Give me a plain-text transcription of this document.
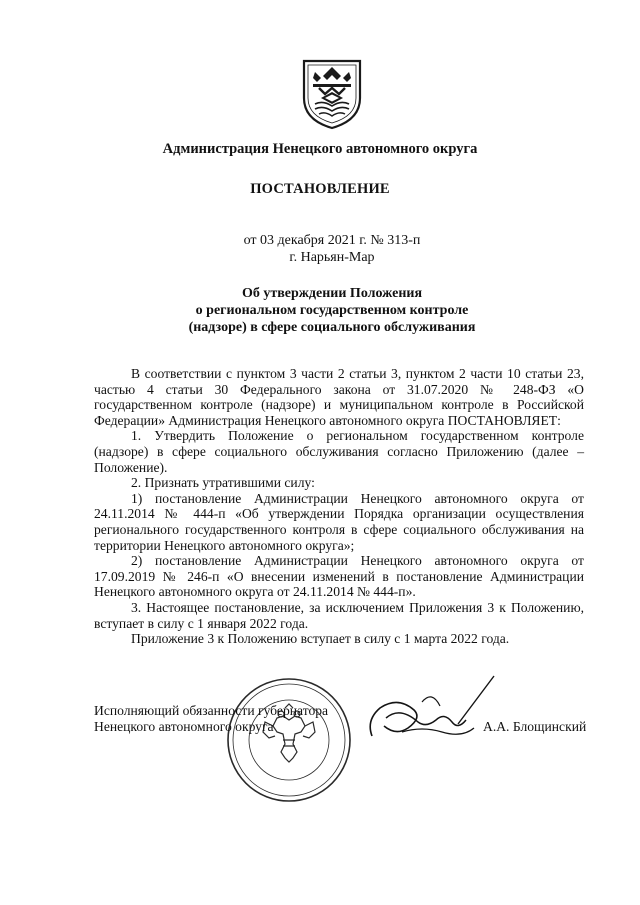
Администрация Ненецкого автономного округа
ПОСТАНОВЛЕНИЕ
от 03 декабря 2021 г. № 313-п
г. Нарьян-Мар
Об утверждении Положения
о региональном государственном контроле
(надзоре) в сфере социального обслуживания

В соответствии с пунктом 3 части 2 статьи 3, пунктом 2 части 10 статьи 23, частью 4 статьи 30 Федерального закона от 31.07.2020 № 248-ФЗ «О государственном контроле (надзоре) и муниципальном контроле в Российской Федерации» Администрация Ненецкого автономного округа ПОСТАНОВЛЯЕТ:

1. Утвердить Положение о региональном государственном контроле (надзоре) в сфере социального обслуживания согласно Приложению (далее – Положение).

2. Признать утратившими силу:

1) постановление Администрации Ненецкого автономного округа от 24.11.2014 № 444-п «Об утверждении Порядка организации осуществления регионального государственного контроля в сфере социального обслуживания на территории Ненецкого автономного округа»;

2) постановление Администрации Ненецкого автономного округа от 17.09.2019 № 246-п «О внесении изменений в постановление Администрации Ненецкого автономного округа от 24.11.2014 № 444-п».

3. Настоящее постановление, за исключением Приложения 3 к Положению, вступает в силу с 1 января 2022 года.

Приложение 3 к Положению вступает в силу с 1 марта 2022 года.

Исполняющий обязанности губернатора
Ненецкого автономного округа	А.А. Блощинский
